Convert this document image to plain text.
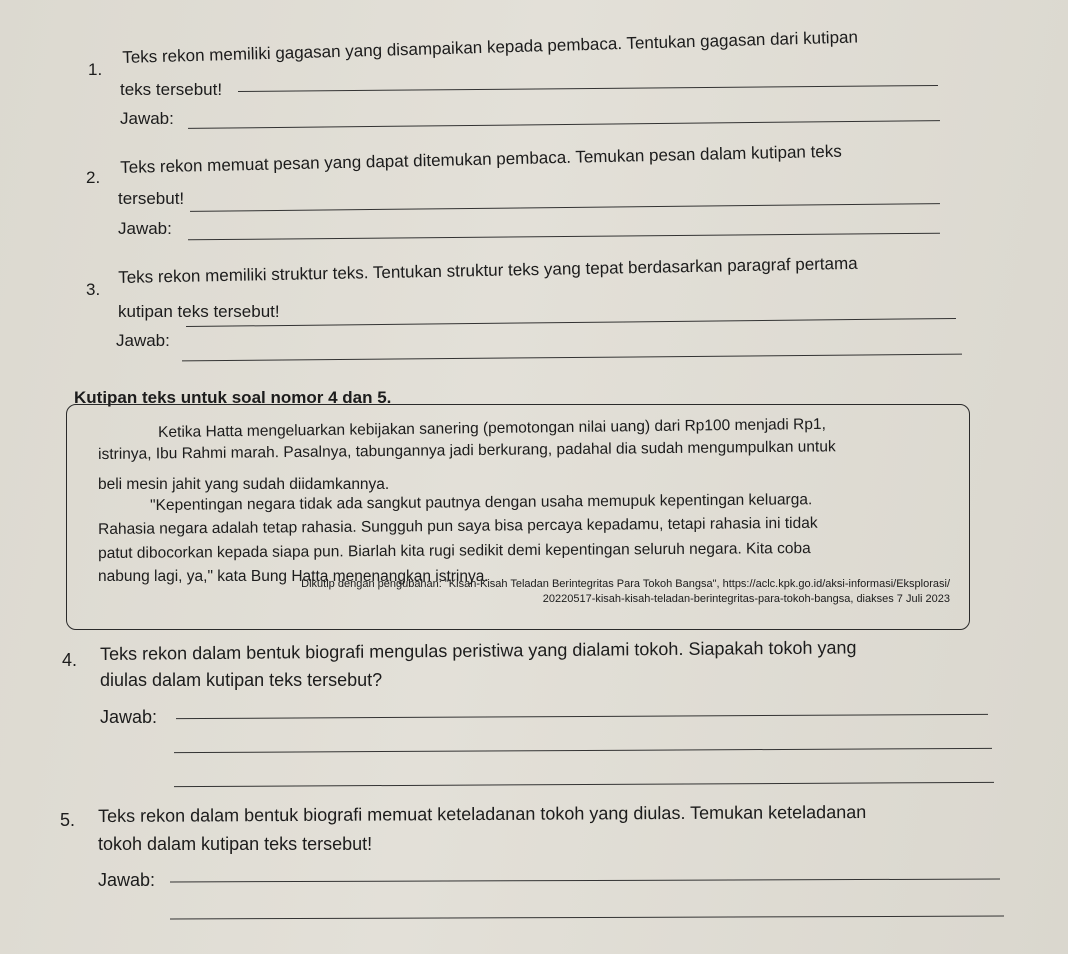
1.
Teks rekon memiliki gagasan yang disampaikan kepada pembaca. Tentukan gagasan dari kutipan
teks tersebut!
Jawab:
2.
Teks rekon memuat pesan yang dapat ditemukan pembaca. Temukan pesan dalam kutipan teks
tersebut!
Jawab:
3.
Teks rekon memiliki struktur teks. Tentukan struktur teks yang tepat berdasarkan paragraf pertama
kutipan teks tersebut!
Jawab:
Kutipan teks untuk soal nomor 4 dan 5.
Ketika Hatta mengeluarkan kebijakan sanering (pemotongan nilai uang) dari Rp100 menjadi Rp1,
istrinya, Ibu Rahmi marah. Pasalnya, tabungannya jadi berkurang, padahal dia sudah mengumpulkan untuk
beli mesin jahit yang sudah diidamkannya.
"Kepentingan negara tidak ada sangkut pautnya dengan usaha memupuk kepentingan keluarga.
Rahasia negara adalah tetap rahasia. Sungguh pun saya bisa percaya kepadamu, tetapi rahasia ini tidak
patut dibocorkan kepada siapa pun. Biarlah kita rugi sedikit demi kepentingan seluruh negara. Kita coba
nabung lagi, ya," kata Bung Hatta menenangkan istrinya.
Dikutip dengan pengubahan: "Kisah-Kisah Teladan Berintegritas Para Tokoh Bangsa", https://aclc.kpk.go.id/aksi-informasi/Eksplorasi/
20220517-kisah-kisah-teladan-berintegritas-para-tokoh-bangsa, diakses 7 Juli 2023
4. Teks rekon dalam bentuk biografi mengulas peristiwa yang dialami tokoh. Siapakah tokoh yang
diulas dalam kutipan teks tersebut?
Jawab:
5. Teks rekon dalam bentuk biografi memuat keteladanan tokoh yang diulas. Temukan keteladanan
tokoh dalam kutipan teks tersebut!
Jawab:
